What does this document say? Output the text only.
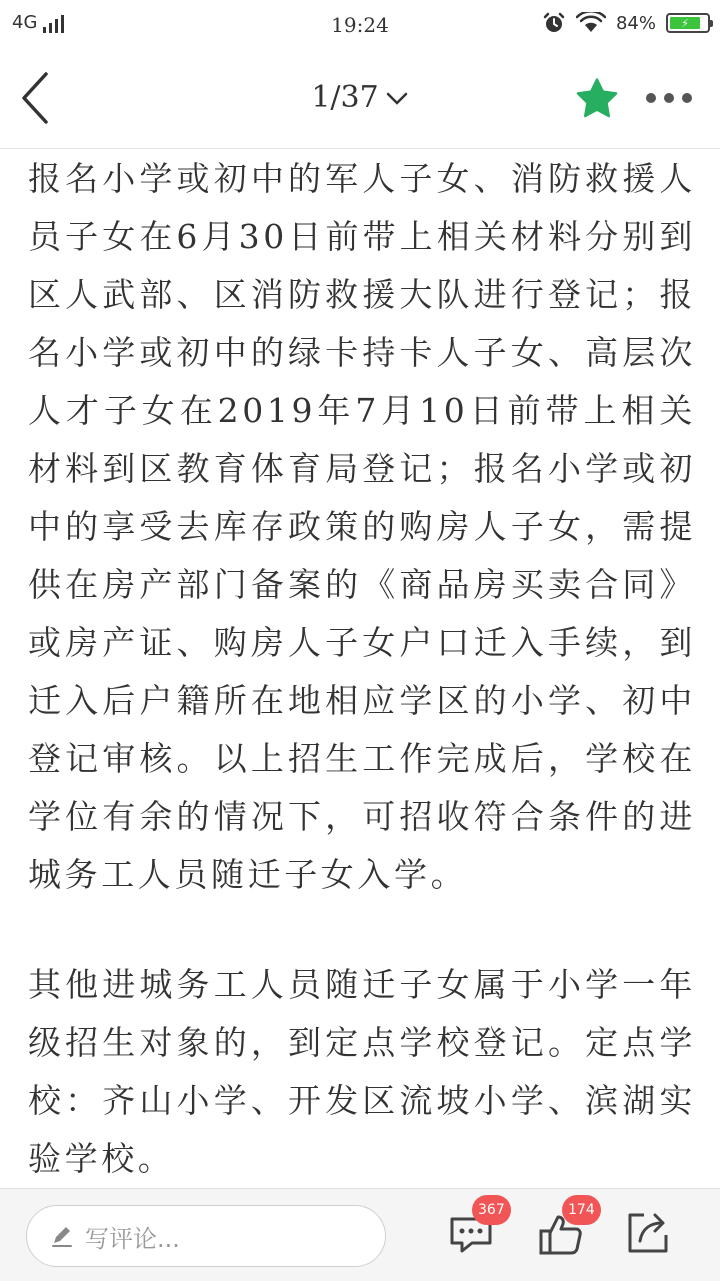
4G	19:24	84%	⚡
1/37

报名小学或初中的军人子女、消防救援人员子女在6月30日前带上相关材料分别到区人武部、区消防救援大队进行登记；报名小学或初中的绿卡持卡人子女、高层次人才子女在2019年7月10日前带上相关材料到区教育体育局登记；报名小学或初中的享受去库存政策的购房人子女，需提供在房产部门备案的《商品房买卖合同》或房产证、购房人子女户口迁入手续，到迁入后户籍所在地相应学区的小学、初中登记审核。以上招生工作完成后，学校在学位有余的情况下，可招收符合条件的进城务工人员随迁子女入学。

其他进城务工人员随迁子女属于小学一年级招生对象的，到定点学校登记。定点学校：齐山小学、开发区流坡小学、滨湖实验学校。

写评论...
367	174
